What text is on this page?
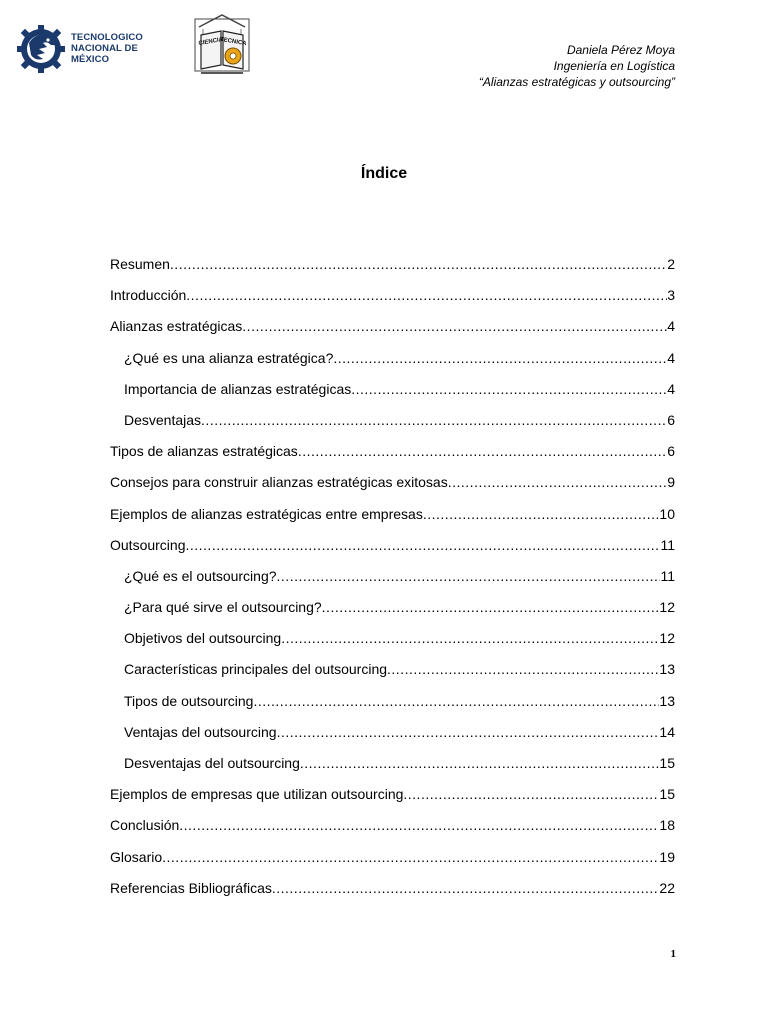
TECNOLOGICO
NACIONAL DE MÉXICO
CIENCIA
TECNICA
Daniela Pérez Moya
Ingeniería en Logística
“Alianzas estratégicas y outsourcing”
Índice
Resumen .....	2
Introducción .....	3
Alianzas estratégicas .....	4
¿Qué es una alianza estratégica? .....	4
Importancia de alianzas estratégicas .....	4
Desventajas .....	6
Tipos de alianzas estratégicas .....	6
Consejos para construir alianzas estratégicas exitosas .....	9
Ejemplos de alianzas estratégicas entre empresas .....	10
Outsourcing .....	11
¿Qué es el outsourcing? .....	11
¿Para qué sirve el outsourcing? .....	12
Objetivos del outsourcing .....	12
Características principales del outsourcing .....	13
Tipos de outsourcing .....	13
Ventajas del outsourcing .....	14
Desventajas del outsourcing .....	15
Ejemplos de empresas que utilizan outsourcing .....	15
Conclusión .....	18
Glosario .....	19
Referencias Bibliográficas .....	22
1
